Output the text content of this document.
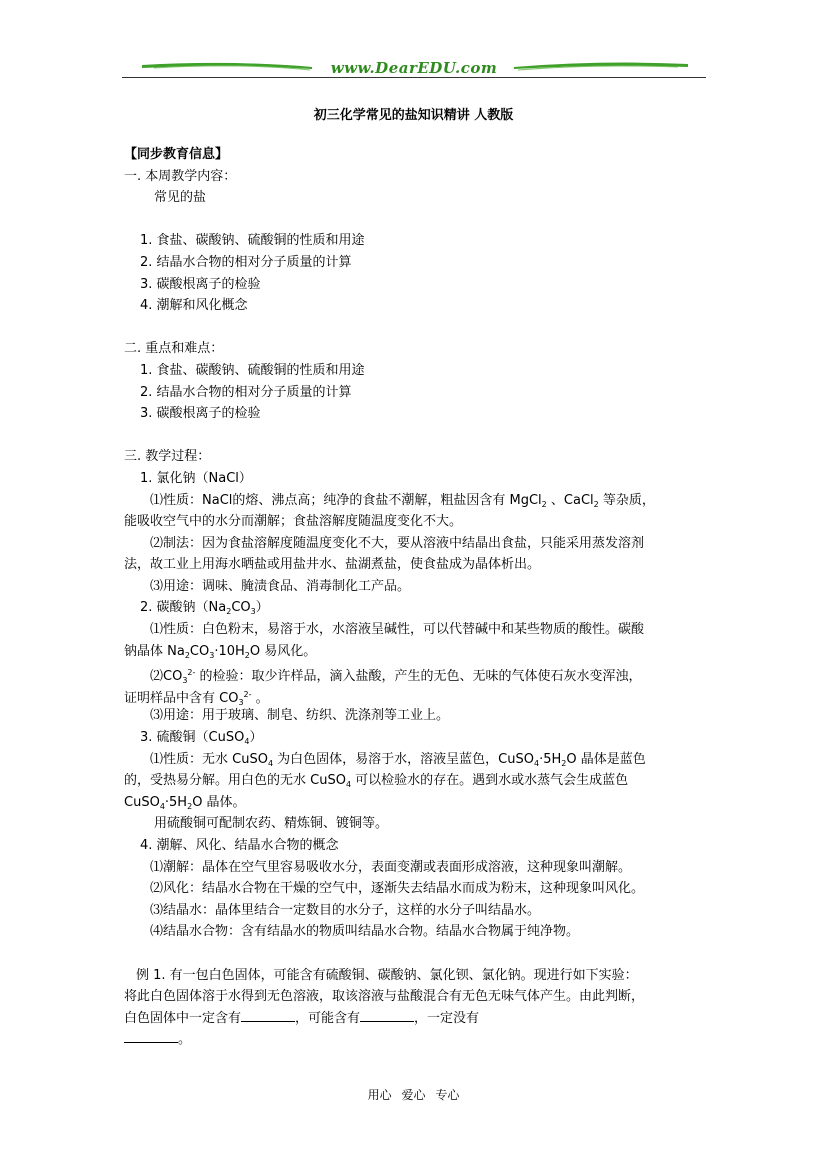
www.DearEDU.com
初三化学常见的盐知识精讲 人教版
【同步教育信息】
一. 本周教学内容：
常见的盐
1. 食盐、碳酸钠、硫酸铜的性质和用途
2. 结晶水合物的相对分子质量的计算
3. 碳酸根离子的检验
4. 潮解和风化概念
二. 重点和难点：
1. 食盐、碳酸钠、硫酸铜的性质和用途
2. 结晶水合物的相对分子质量的计算
3. 碳酸根离子的检验
三. 教学过程：
1. 氯化钠（NaCl）
⑴性质：NaCl的熔、沸点高；纯净的食盐不潮解，粗盐因含有 MgCl$_2$ 、CaCl$_2$ 等杂质，
能吸收空气中的水分而潮解；食盐溶解度随温度变化不大。
⑵制法：因为食盐溶解度随温度变化不大，要从溶液中结晶出食盐，只能采用蒸发溶剂
法，故工业上用海水晒盐或用盐井水、盐湖煮盐，使食盐成为晶体析出。
⑶用途：调味、腌渍食品、消毒制化工产品。
2. 碳酸钠$(Na_2CO_3)$
⑴性质：白色粉末，易溶于水，水溶液呈碱性，可以代替碱中和某些物质的酸性。碳酸
钠晶体 $Na_2CO_3\cdot 10H_2O$ 易风化。
$⑵CO_3^{2-}$ 的检验：取少许样品，滴入盐酸，产生的无色、无味的气体使石灰水变浑浊，
证明样品中含有 $CO_3^{2-}$ 。
⑶用途：用于玻璃、制皂、纺织、洗涤剂等工业上。
3. 硫酸铜（CuSO$_4$）
⑴性质：无水 CuSO$_4$ 为白色固体，易溶于水，溶液呈蓝色，$CuSO_4\cdot 5H_2O$ 晶体是蓝色
的，受热易分解。用白色的无水 CuSO$_4$ 可以检验水的存在。遇到水或水蒸气会生成蓝色
$CuSO_4\cdot 5H_2O$ 晶体。
用硫酸铜可配制农药、精炼铜、镀铜等。
4. 潮解、风化、结晶水合物的概念
⑴潮解：晶体在空气里容易吸收水分，表面变潮或表面形成溶液，这种现象叫潮解。
⑵风化：结晶水合物在干燥的空气中，逐渐失去结晶水而成为粉末，这种现象叫风化。
⑶结晶水：晶体里结合一定数目的水分子，这样的水分子叫结晶水。
⑷结晶水合物：含有结晶水的物质叫结晶水合物。结晶水合物属于纯净物。
例 1. 有一包白色固体，可能含有硫酸铜、碳酸钠、氯化钡、氯化钠。现进行如下实验：
将此白色固体溶于水得到无色溶液，取该溶液与盐酸混合有无色无味气体产生。由此判断，
白色固体中一定含有	，可能含有	，一定没有
。
用心 爱心 专心
